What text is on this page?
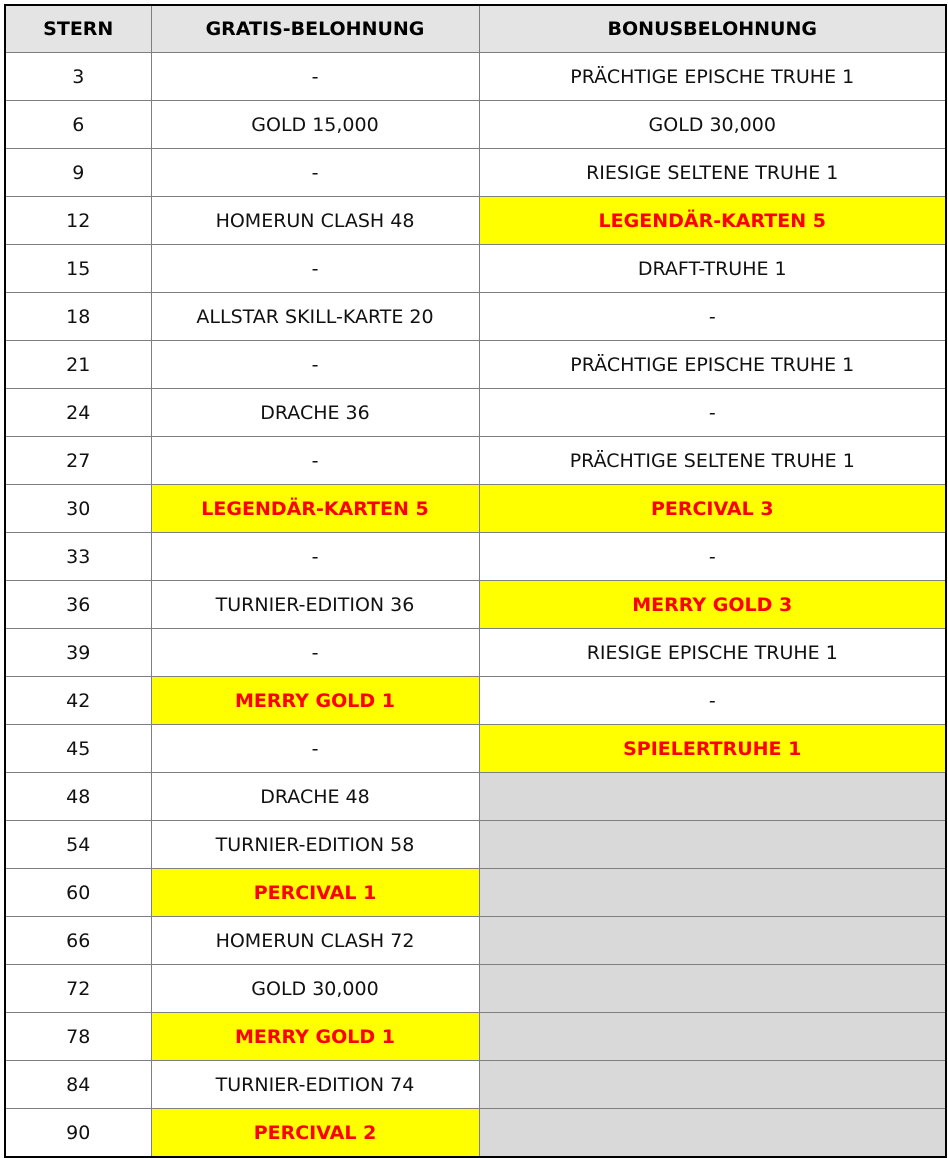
STERN	GRATIS-BELOHNUNG	BONUSBELOHNUNG
3	-	PRÄCHTIGE EPISCHE TRUHE 1
6	GOLD 15,000	GOLD 30,000
9	-	RIESIGE SELTENE TRUHE 1
12	HOMERUN CLASH 48	LEGENDÄR-KARTEN 5
15	-	DRAFT-TRUHE 1
18	ALLSTAR SKILL-KARTE 20	-
21	-	PRÄCHTIGE EPISCHE TRUHE 1
24	DRACHE 36	-
27	-	PRÄCHTIGE SELTENE TRUHE 1
30	LEGENDÄR-KARTEN 5	PERCIVAL 3
33	-	-
36	TURNIER-EDITION 36	MERRY GOLD 3
39	-	RIESIGE EPISCHE TRUHE 1
42	MERRY GOLD 1	-
45	-	SPIELERTRUHE 1
48	DRACHE 48	
54	TURNIER-EDITION 58	
60	PERCIVAL 1	
66	HOMERUN CLASH 72	
72	GOLD 30,000	
78	MERRY GOLD 1	
84	TURNIER-EDITION 74	
90	PERCIVAL 2	
